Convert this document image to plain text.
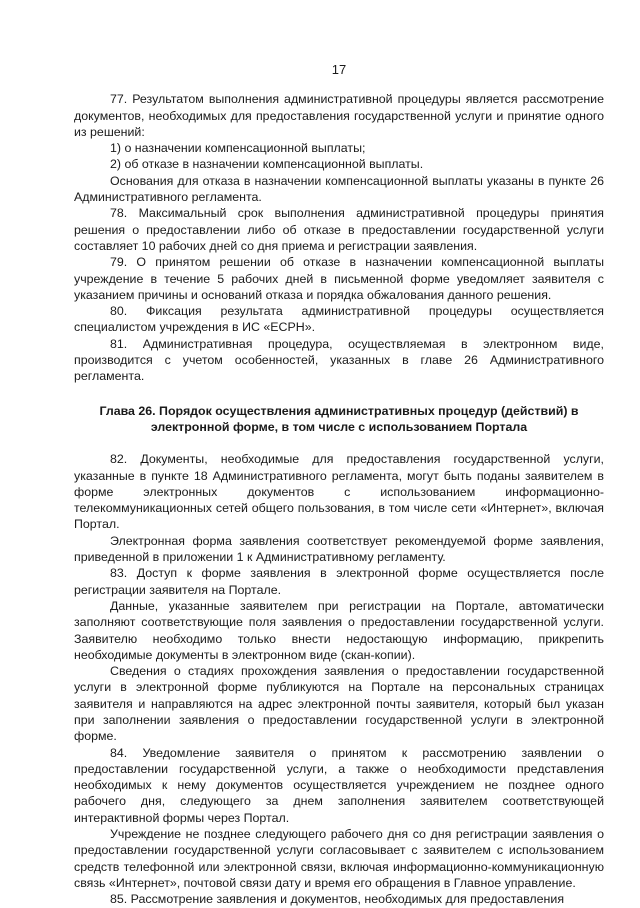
17

77. Результатом выполнения административной процедуры является рассмотрение документов, необходимых для предоставления государственной услуги и принятие одного из решений:

1) о назначении компенсационной выплаты;

2) об отказе в назначении компенсационной выплаты.

Основания для отказа в назначении компенсационной выплаты указаны в пункте 26 Административного регламента.

78. Максимальный срок выполнения административной процедуры принятия решения о предоставлении либо об отказе в предоставлении государственной услуги составляет 10 рабочих дней со дня приема и регистрации заявления.

79. О принятом решении об отказе в назначении компенсационной выплаты учреждение в течение 5 рабочих дней в письменной форме уведомляет заявителя с указанием причины и оснований отказа и порядка обжалования данного решения.

80. Фиксация результата административной процедуры осуществляется специалистом учреждения в ИС «ЕСРН».

81. Административная процедура, осуществляемая в электронном виде, производится с учетом особенностей, указанных в главе 26 Административного регламента.

Глава 26. Порядок осуществления административных процедур (действий) в электронной форме, в том числе с использованием Портала

82. Документы, необходимые для предоставления государственной услуги, указанные в пункте 18 Административного регламента, могут быть поданы заявителем в форме электронных документов с использованием информационно-телекоммуникационных сетей общего пользования, в том числе сети «Интернет», включая Портал.

Электронная форма заявления соответствует рекомендуемой форме заявления, приведенной в приложении 1 к Административному регламенту.

83. Доступ к форме заявления в электронной форме осуществляется после регистрации заявителя на Портале.

Данные, указанные заявителем при регистрации на Портале, автоматически заполняют соответствующие поля заявления о предоставлении государственной услуги. Заявителю необходимо только внести недостающую информацию, прикрепить необходимые документы в электронном виде (скан-копии).

Сведения о стадиях прохождения заявления о предоставлении государственной услуги в электронной форме публикуются на Портале на персональных страницах заявителя и направляются на адрес электронной почты заявителя, который был указан при заполнении заявления о предоставлении государственной услуги в электронной форме.

84. Уведомление заявителя о принятом к рассмотрению заявлении о предоставлении государственной услуги, а также о необходимости представления необходимых к нему документов осуществляется учреждением не позднее одного рабочего дня, следующего за днем заполнения заявителем соответствующей интерактивной формы через Портал.

Учреждение не позднее следующего рабочего дня со дня регистрации заявления о предоставлении государственной услуги согласовывает с заявителем с использованием средств телефонной или электронной связи, включая информационно-коммуникационную связь «Интернет», почтовой связи дату и время его обращения в Главное управление.

85. Рассмотрение заявления и документов, необходимых для предоставления
